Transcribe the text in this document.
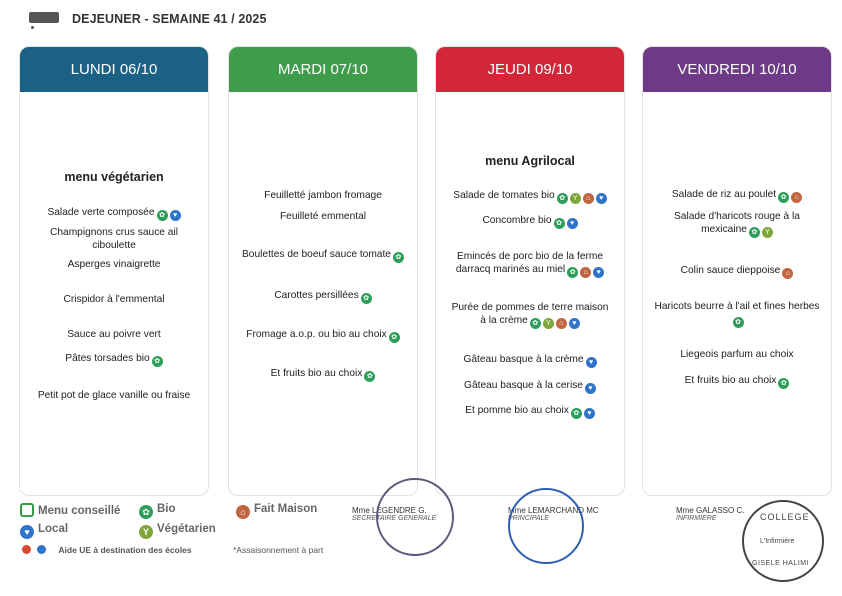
DEJEUNER - SEMAINE 41 / 2025
LUNDI 06/10
menu végétarien
Salade verte composée ✿ ♥
Champignons crus sauce ail ciboulette
Asperges vinaigrette
Crispidor à l'emmental
Sauce au poivre vert
Pâtes torsades bio ✿
Petit pot de glace vanille ou fraise
MARDI 07/10
Feuilletté jambon fromage
Feuilleté emmental
Boulettes de boeuf sauce tomate ✿
Carottes persillées ✿
Fromage a.o.p. ou bio au choix ✿
Et fruits bio au choix ✿
JEUDI 09/10
menu Agrilocal
Salade de tomates bio ✿ Y ⌂ ♥
Concombre bio ✿ ♥
Emincés de porc bio de la ferme darracq marinés au miel ✿ ⌂ ♥
Purée de pommes de terre maison à la crème ✿ Y ⌂ ♥
Gâteau basque à la crème ♥
Gâteau basque à la cerise ♥
Et pomme bio au choix ✿ ♥
VENDREDI 10/10
Salade de riz au poulet ✿ ⌂
Salade d'haricots rouge à la mexicaine ✿ Y
Colin sauce dieppoise ⌂
Haricots beurre à l'ail et fines herbes✿
Liegeois parfum au choix
Et fruits bio au choix ✿
Menu conseillé	✿ Bio	⌂ Fait Maison
♥ Local	Y Végétarien
Aide UE à destination des écoles	*Assaisonnement à part
Mme LEGENDRE G.
SECRETAIRE GENERALE
Mme LEMARCHAND MC
PRINCIPALE
Mme GALASSO C.
INFIRMIERE	COLLEGE
L'Infirmière
GISELE HALIMI
